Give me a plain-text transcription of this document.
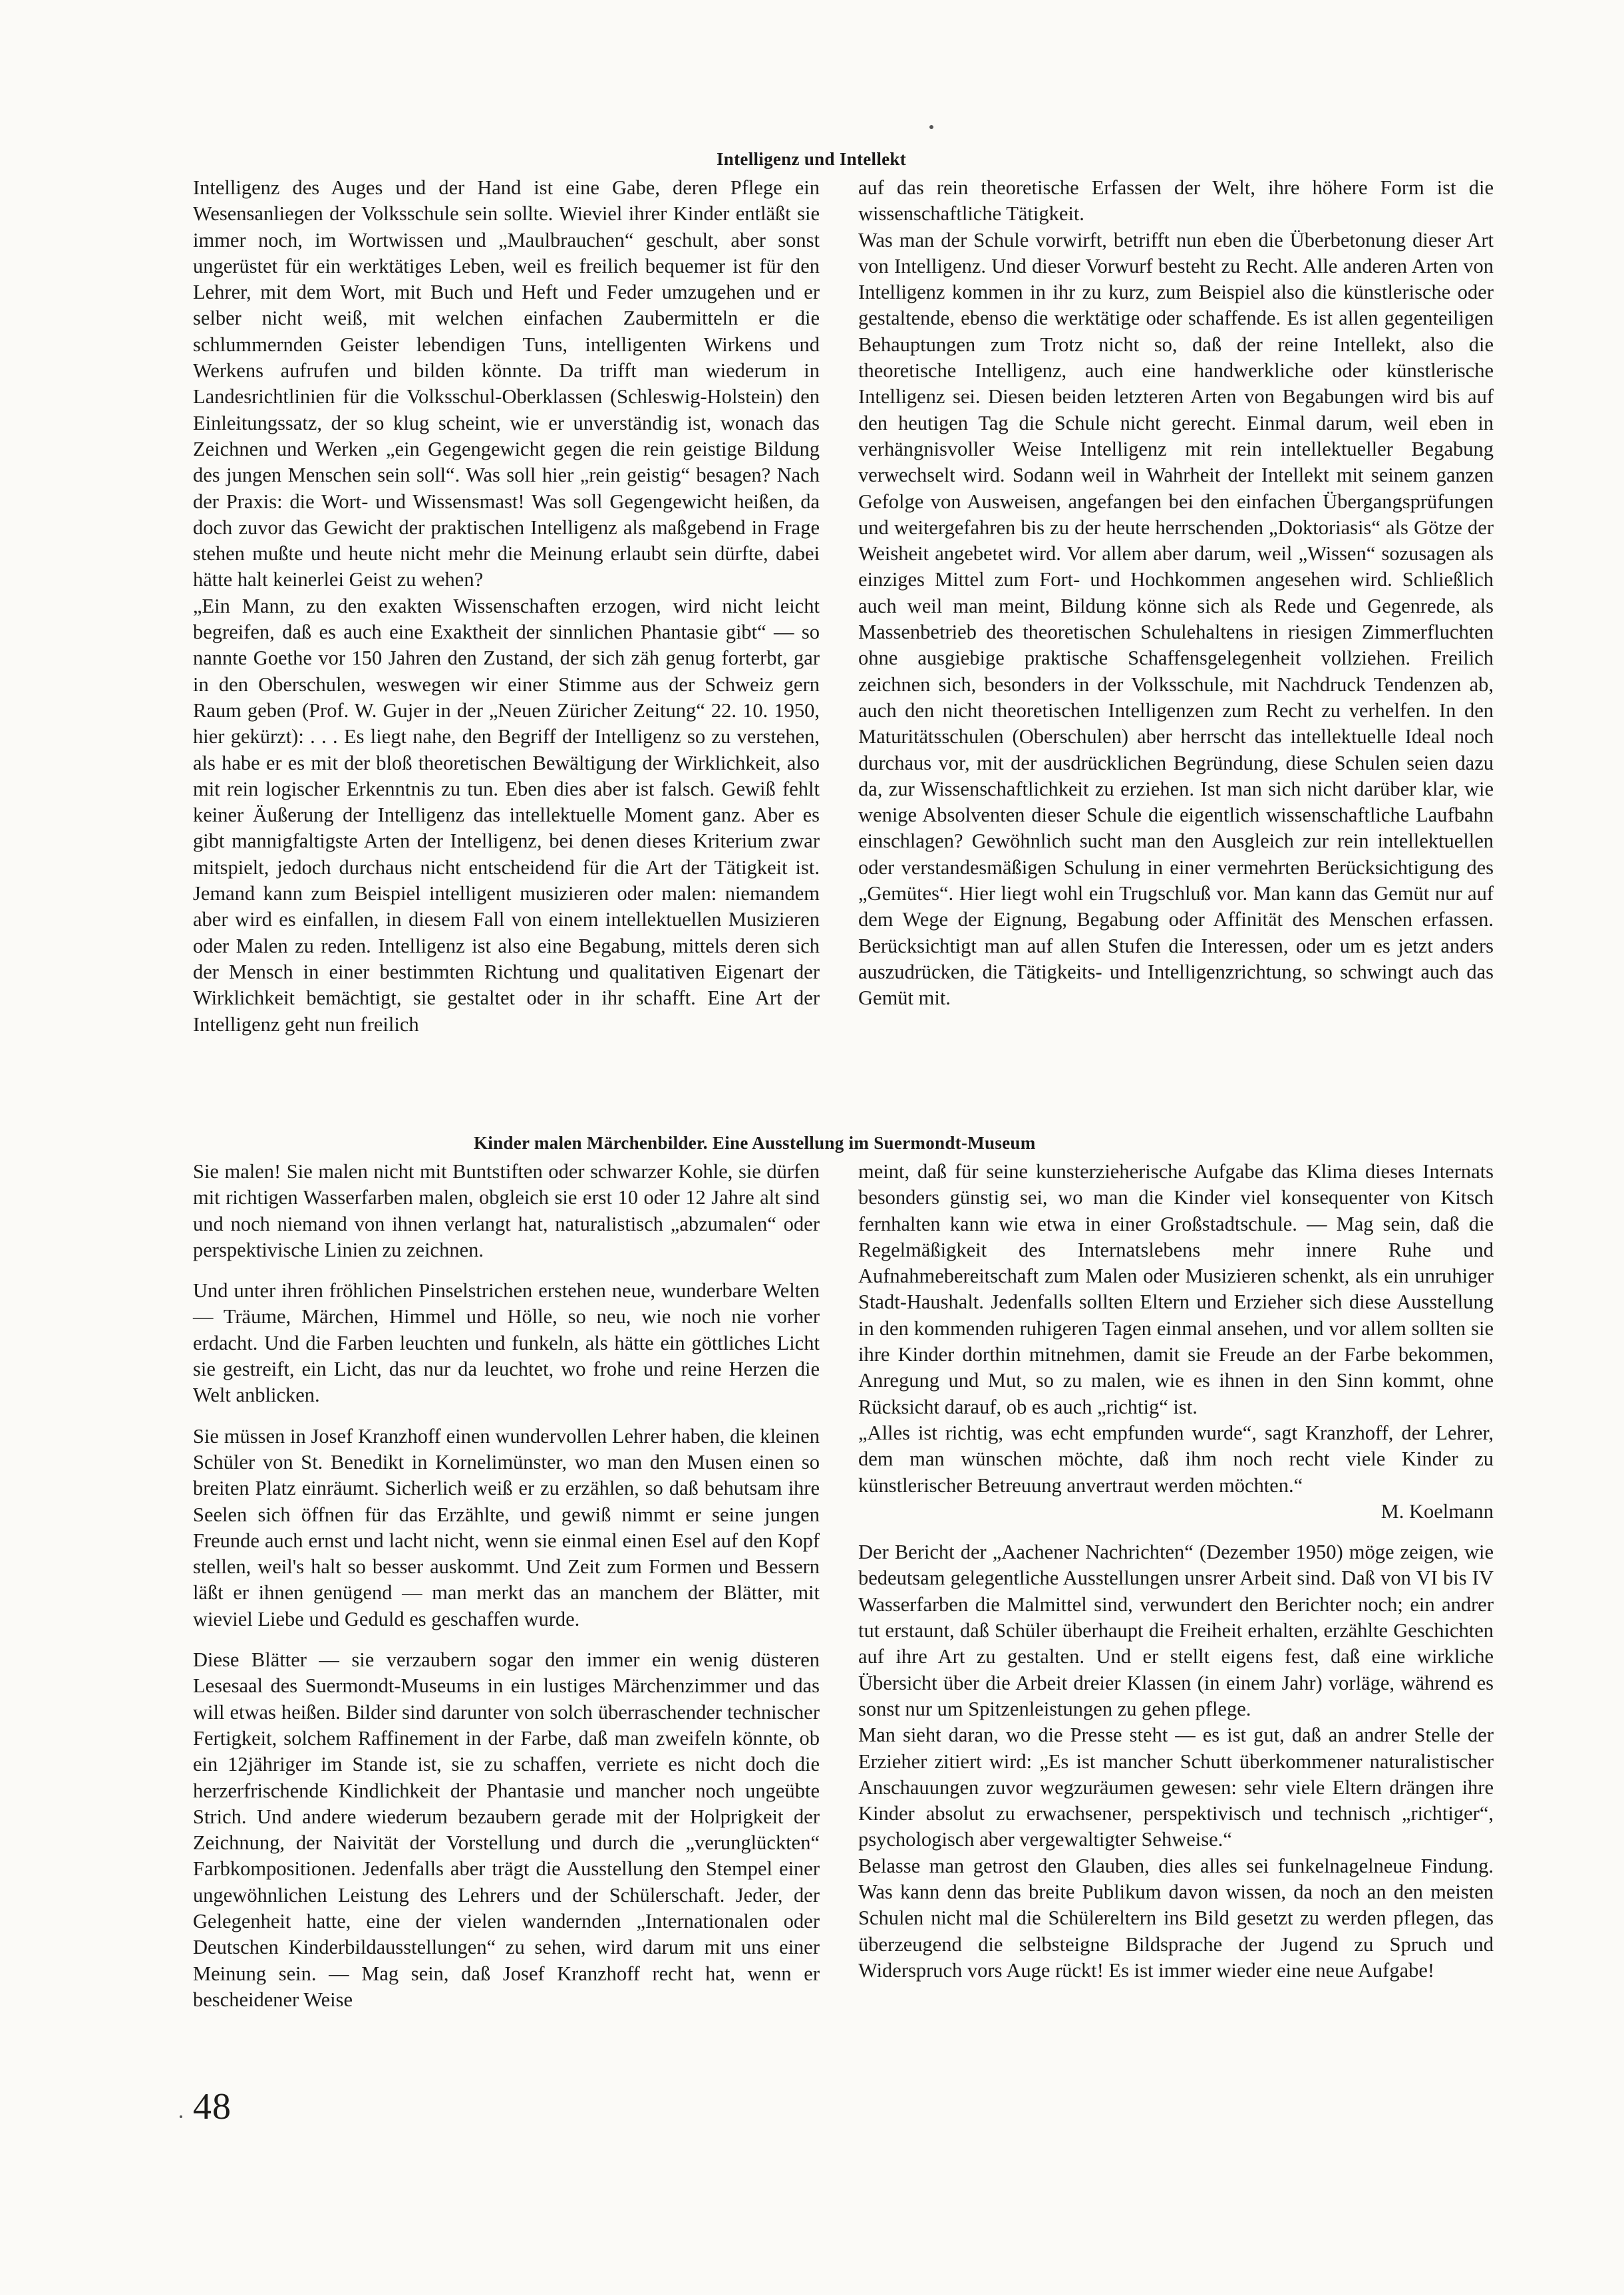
Intelligenz und Intellekt

Intelligenz des Auges und der Hand ist eine Gabe, deren Pflege ein Wesensanliegen der Volksschule sein sollte. Wieviel ihrer Kinder entläßt sie immer noch, im Wortwissen und „Maulbrauchen“ geschult, aber sonst ungerüstet für ein werktätiges Leben, weil es freilich bequemer ist für den Lehrer, mit dem Wort, mit Buch und Heft und Feder umzugehen und er selber nicht weiß, mit welchen einfachen Zaubermitteln er die schlummernden Geister lebendigen Tuns, intelligenten Wirkens und Werkens aufrufen und bilden könnte. Da trifft man wiederum in Landesrichtlinien für die Volksschul-Oberklassen (Schleswig-Holstein) den Einleitungssatz, der so klug scheint, wie er unverständig ist, wonach das Zeichnen und Werken „ein Gegengewicht gegen die rein geistige Bildung des jungen Menschen sein soll“. Was soll hier „rein geistig“ besagen? Nach der Praxis: die Wort- und Wissensmast! Was soll Gegengewicht heißen, da doch zuvor das Gewicht der praktischen Intelligenz als maßgebend in Frage stehen mußte und heute nicht mehr die Meinung erlaubt sein dürfte, dabei hätte halt keinerlei Geist zu wehen?

„Ein Mann, zu den exakten Wissenschaften erzogen, wird nicht leicht begreifen, daß es auch eine Exaktheit der sinnlichen Phantasie gibt“ — so nannte Goethe vor 150 Jahren den Zustand, der sich zäh genug forterbt, gar in den Oberschulen, weswegen wir einer Stimme aus der Schweiz gern Raum geben (Prof. W. Gujer in der „Neuen Züricher Zeitung“ 22. 10. 1950, hier gekürzt): . . . Es liegt nahe, den Begriff der Intelligenz so zu verstehen, als habe er es mit der bloß theoretischen Bewältigung der Wirklichkeit, also mit rein logischer Erkenntnis zu tun. Eben dies aber ist falsch. Gewiß fehlt keiner Äußerung der Intelligenz das intellektuelle Moment ganz. Aber es gibt mannigfaltigste Arten der Intelligenz, bei denen dieses Kriterium zwar mitspielt, jedoch durchaus nicht entscheidend für die Art der Tätigkeit ist. Jemand kann zum Beispiel intelligent musizieren oder malen: niemandem aber wird es einfallen, in diesem Fall von einem intellektuellen Musizieren oder Malen zu reden. Intelligenz ist also eine Begabung, mittels deren sich der Mensch in einer bestimmten Richtung und qualitativen Eigenart der Wirklichkeit bemächtigt, sie gestaltet oder in ihr schafft. Eine Art der Intelligenz geht nun freilich

auf das rein theoretische Erfassen der Welt, ihre höhere Form ist die wissenschaftliche Tätigkeit.

Was man der Schule vorwirft, betrifft nun eben die Überbetonung dieser Art von Intelligenz. Und dieser Vorwurf besteht zu Recht. Alle anderen Arten von Intelligenz kommen in ihr zu kurz, zum Beispiel also die künstlerische oder gestaltende, ebenso die werktätige oder schaffende. Es ist allen gegenteiligen Behauptungen zum Trotz nicht so, daß der reine Intellekt, also die theoretische Intelligenz, auch eine handwerkliche oder künstlerische Intelligenz sei. Diesen beiden letzteren Arten von Begabungen wird bis auf den heutigen Tag die Schule nicht gerecht. Einmal darum, weil eben in verhängnisvoller Weise Intelligenz mit rein intellektueller Begabung verwechselt wird. Sodann weil in Wahrheit der Intellekt mit seinem ganzen Gefolge von Ausweisen, angefangen bei den einfachen Übergangsprüfungen und weitergefahren bis zu der heute herrschenden „Doktoriasis“ als Götze der Weisheit angebetet wird. Vor allem aber darum, weil „Wissen“ sozusagen als einziges Mittel zum Fort- und Hochkommen angesehen wird. Schließlich auch weil man meint, Bildung könne sich als Rede und Gegenrede, als Massenbetrieb des theoretischen Schulehaltens in riesigen Zimmerfluchten ohne ausgiebige praktische Schaffensgelegenheit vollziehen. Freilich zeichnen sich, besonders in der Volksschule, mit Nachdruck Tendenzen ab, auch den nicht theoretischen Intelligenzen zum Recht zu verhelfen. In den Maturitätsschulen (Oberschulen) aber herrscht das intellektuelle Ideal noch durchaus vor, mit der ausdrücklichen Begründung, diese Schulen seien dazu da, zur Wissenschaftlichkeit zu erziehen. Ist man sich nicht darüber klar, wie wenige Absolventen dieser Schule die eigentlich wissenschaftliche Laufbahn einschlagen? Gewöhnlich sucht man den Ausgleich zur rein intellektuellen oder verstandesmäßigen Schulung in einer vermehrten Berücksichtigung des „Gemütes“. Hier liegt wohl ein Trugschluß vor. Man kann das Gemüt nur auf dem Wege der Eignung, Begabung oder Affinität des Menschen erfassen. Berücksichtigt man auf allen Stufen die Interessen, oder um es jetzt anders auszudrücken, die Tätigkeits- und Intelligenzrichtung, so schwingt auch das Gemüt mit.

Kinder malen Märchenbilder. Eine Ausstellung im Suermondt-Museum

Sie malen! Sie malen nicht mit Buntstiften oder schwarzer Kohle, sie dürfen mit richtigen Wasserfarben malen, obgleich sie erst 10 oder 12 Jahre alt sind und noch niemand von ihnen verlangt hat, naturalistisch „abzumalen“ oder perspektivische Linien zu zeichnen.

Und unter ihren fröhlichen Pinselstrichen erstehen neue, wunderbare Welten — Träume, Märchen, Himmel und Hölle, so neu, wie noch nie vorher erdacht. Und die Farben leuchten und funkeln, als hätte ein göttliches Licht sie gestreift, ein Licht, das nur da leuchtet, wo frohe und reine Herzen die Welt anblicken.

Sie müssen in Josef Kranzhoff einen wundervollen Lehrer haben, die kleinen Schüler von St. Benedikt in Kornelimünster, wo man den Musen einen so breiten Platz einräumt. Sicherlich weiß er zu erzählen, so daß behutsam ihre Seelen sich öffnen für das Erzählte, und gewiß nimmt er seine jungen Freunde auch ernst und lacht nicht, wenn sie einmal einen Esel auf den Kopf stellen, weil's halt so besser auskommt. Und Zeit zum Formen und Bessern läßt er ihnen genügend — man merkt das an manchem der Blätter, mit wieviel Liebe und Geduld es geschaffen wurde.

Diese Blätter — sie verzaubern sogar den immer ein wenig düsteren Lesesaal des Suermondt-Museums in ein lustiges Märchenzimmer und das will etwas heißen. Bilder sind darunter von solch überraschender technischer Fertigkeit, solchem Raffinement in der Farbe, daß man zweifeln könnte, ob ein 12jähriger im Stande ist, sie zu schaffen, verriete es nicht doch die herzerfrischende Kindlichkeit der Phantasie und mancher noch ungeübte Strich. Und andere wiederum bezaubern gerade mit der Holprigkeit der Zeichnung, der Naivität der Vorstellung und durch die „verunglückten“ Farbkompositionen. Jedenfalls aber trägt die Ausstellung den Stempel einer ungewöhnlichen Leistung des Lehrers und der Schülerschaft. Jeder, der Gelegenheit hatte, eine der vielen wandernden „Internationalen oder Deutschen Kinderbildausstellungen“ zu sehen, wird darum mit uns einer Meinung sein. — Mag sein, daß Josef Kranzhoff recht hat, wenn er bescheidener Weise

meint, daß für seine kunsterzieherische Aufgabe das Klima dieses Internats besonders günstig sei, wo man die Kinder viel konsequenter von Kitsch fernhalten kann wie etwa in einer Großstadtschule. — Mag sein, daß die Regelmäßigkeit des Internatslebens mehr innere Ruhe und Aufnahmebereitschaft zum Malen oder Musizieren schenkt, als ein unruhiger Stadt-Haushalt. Jedenfalls sollten Eltern und Erzieher sich diese Ausstellung in den kommenden ruhigeren Tagen einmal ansehen, und vor allem sollten sie ihre Kinder dorthin mitnehmen, damit sie Freude an der Farbe bekommen, Anregung und Mut, so zu malen, wie es ihnen in den Sinn kommt, ohne Rücksicht darauf, ob es auch „richtig“ ist.

„Alles ist richtig, was echt empfunden wurde“, sagt Kranzhoff, der Lehrer, dem man wünschen möchte, daß ihm noch recht viele Kinder zu künstlerischer Betreuung anvertraut werden möchten.“

M. Koelmann

Der Bericht der „Aachener Nachrichten“ (Dezember 1950) möge zeigen, wie bedeutsam gelegentliche Ausstellungen unsrer Arbeit sind. Daß von VI bis IV Wasserfarben die Malmittel sind, verwundert den Berichter noch; ein andrer tut erstaunt, daß Schüler überhaupt die Freiheit erhalten, erzählte Geschichten auf ihre Art zu gestalten. Und er stellt eigens fest, daß eine wirkliche Übersicht über die Arbeit dreier Klassen (in einem Jahr) vorläge, während es sonst nur um Spitzenleistungen zu gehen pflege.

Man sieht daran, wo die Presse steht — es ist gut, daß an andrer Stelle der Erzieher zitiert wird: „Es ist mancher Schutt überkommener naturalistischer Anschauungen zuvor wegzuräumen gewesen: sehr viele Eltern drängen ihre Kinder absolut zu erwachsener, perspektivisch und technisch „richtiger“, psychologisch aber vergewaltigter Sehweise.“

Belasse man getrost den Glauben, dies alles sei funkelnagelneue Findung. Was kann denn das breite Publikum davon wissen, da noch an den meisten Schulen nicht mal die Schülereltern ins Bild gesetzt zu werden pflegen, das überzeugend die selbsteigne Bildsprache der Jugend zu Spruch und Widerspruch vors Auge rückt! Es ist immer wieder eine neue Aufgabe!

48
